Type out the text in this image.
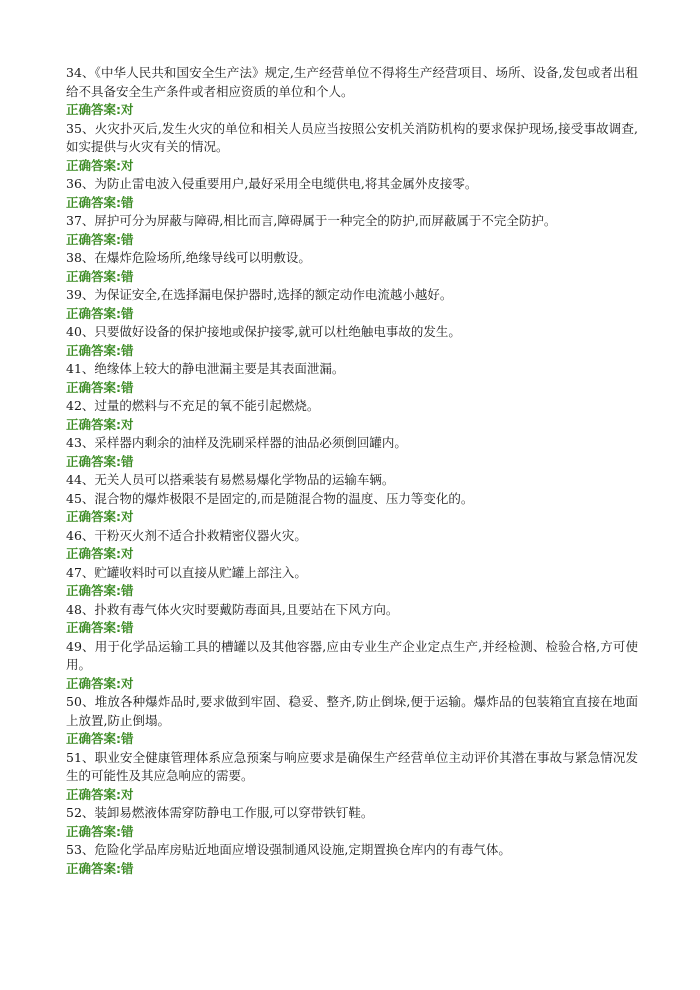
34、《中华人民共和国安全生产法》规定,生产经营单位不得将生产经营项目、场所、设备,发包或者出租给不具备安全生产条件或者相应资质的单位和个人。

正确答案:对

35、火灾扑灭后,发生火灾的单位和相关人员应当按照公安机关消防机构的要求保护现场,接受事故调查,如实提供与火灾有关的情况。

正确答案:对

36、为防止雷电波入侵重要用户,最好采用全电缆供电,将其金属外皮接零。

正确答案:错

37、屏护可分为屏蔽与障碍,相比而言,障碍属于一种完全的防护,而屏蔽属于不完全防护。

正确答案:错

38、在爆炸危险场所,绝缘导线可以明敷设。

正确答案:错

39、为保证安全,在选择漏电保护器时,选择的额定动作电流越小越好。

正确答案:错

40、只要做好设备的保护接地或保护接零,就可以杜绝触电事故的发生。

正确答案:错

41、绝缘体上较大的静电泄漏主要是其表面泄漏。

正确答案:错

42、过量的燃料与不充足的氧不能引起燃烧。

正确答案:对

43、采样器内剩余的油样及洗刷采样器的油品必须倒回罐内。

正确答案:错

44、无关人员可以搭乘装有易燃易爆化学物品的运输车辆。

45、混合物的爆炸极限不是固定的,而是随混合物的温度、压力等变化的。

正确答案:对

46、干粉灭火剂不适合扑救精密仪器火灾。

正确答案:对

47、贮罐收料时可以直接从贮罐上部注入。

正确答案:错

48、扑救有毒气体火灾时要戴防毒面具,且要站在下风方向。

正确答案:错

49、用于化学品运输工具的槽罐以及其他容器,应由专业生产企业定点生产,并经检测、检验合格,方可使用。

正确答案:对

50、堆放各种爆炸品时,要求做到牢固、稳妥、整齐,防止倒垛,便于运输。爆炸品的包装箱宜直接在地面上放置,防止倒塌。

正确答案:错

51、职业安全健康管理体系应急预案与响应要求是确保生产经营单位主动评价其潜在事故与紧急情况发生的可能性及其应急响应的需要。

正确答案:对

52、装卸易燃液体需穿防静电工作服,可以穿带铁钉鞋。

正确答案:错

53、危险化学品库房贴近地面应增设强制通风设施,定期置换仓库内的有毒气体。

正确答案:错
